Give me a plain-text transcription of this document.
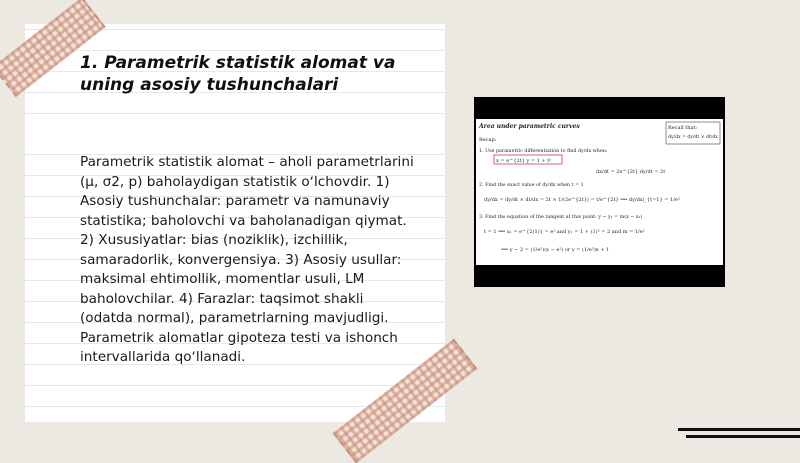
1. Parametrik statistik alomat va uning asosiy tushunchalari

Parametrik statistik alomat – aholi parametrlarini (μ, σ2, p) baholaydigan statistik oʻlchovdir. 1) Asosiy tushunchalar: parametr va namunaviy statistika; baholovchi va baholanadigan qiymat. 2) Xususiyatlar: bias (noziklik), izchillik, samaradorlik, konvergensiya. 3) Asosiy usullar: maksimal ehtimollik, momentlar usuli, LM baholovchilar. 4) Farazlar: taqsimot shakli (odatda normal), parametrlarning mavjudligi. Parametrik alomatlar gipoteza testi va ishonch intervallarida qoʻllanadi.

Area under parametric curves	Recall that:
dy/dx = dy/dt × dt/dx
Recap:
1. Use parametric differentiation to find dy/dx when:
x = e^{2t} y = 1 + t²
dx/dt = 2e^{2t} dy/dt = 2t
2. Find the exact value of dy/dx when t = 1
dy/dx = dy/dt × dt/dx = 2t × 1/(2e^{2t}) = t/e^{2t} ⟹ dy/dx|_{t=1} = 1/e²
3. Find the equation of the tangent at this point: y − y₁ = m(x − x₁)
t = 1 ⟹ x₁ = e^{2(1)} = e² and y₁ = 1 + (1)² = 2 and m = 1/e²
⟹ y − 2 = (1/e²)(x − e²) or y = (1/e²)x + 1
